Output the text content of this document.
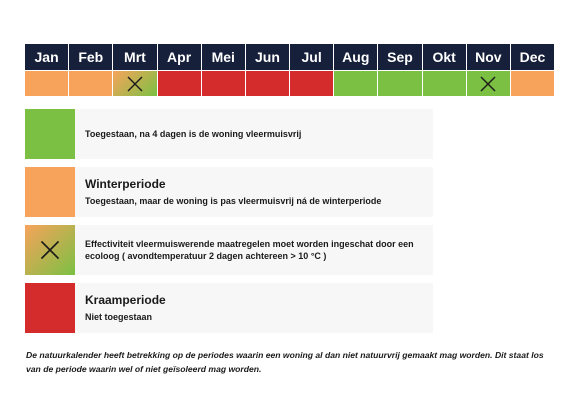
Jan	Feb	Mrt	Apr	Mei	Jun	Jul	Aug	Sep	Okt	Nov	Dec
Toegestaan, na 4 dagen is de woning vleermuisvrij
Winterperiode
Toegestaan, maar de woning is pas vleermuisvrij ná de winterperiode
Effectiviteit vleermuiswerende maatregelen moet worden ingeschat door een ecoloog ( avondtemperatuur 2 dagen achtereen > 10 °C )
Kraamperiode
Niet toegestaan
De natuurkalender heeft betrekking op de periodes waarin een woning al dan niet natuurvrij gemaakt mag worden. Dit staat los van de periode waarin wel of niet geïsoleerd mag worden.
